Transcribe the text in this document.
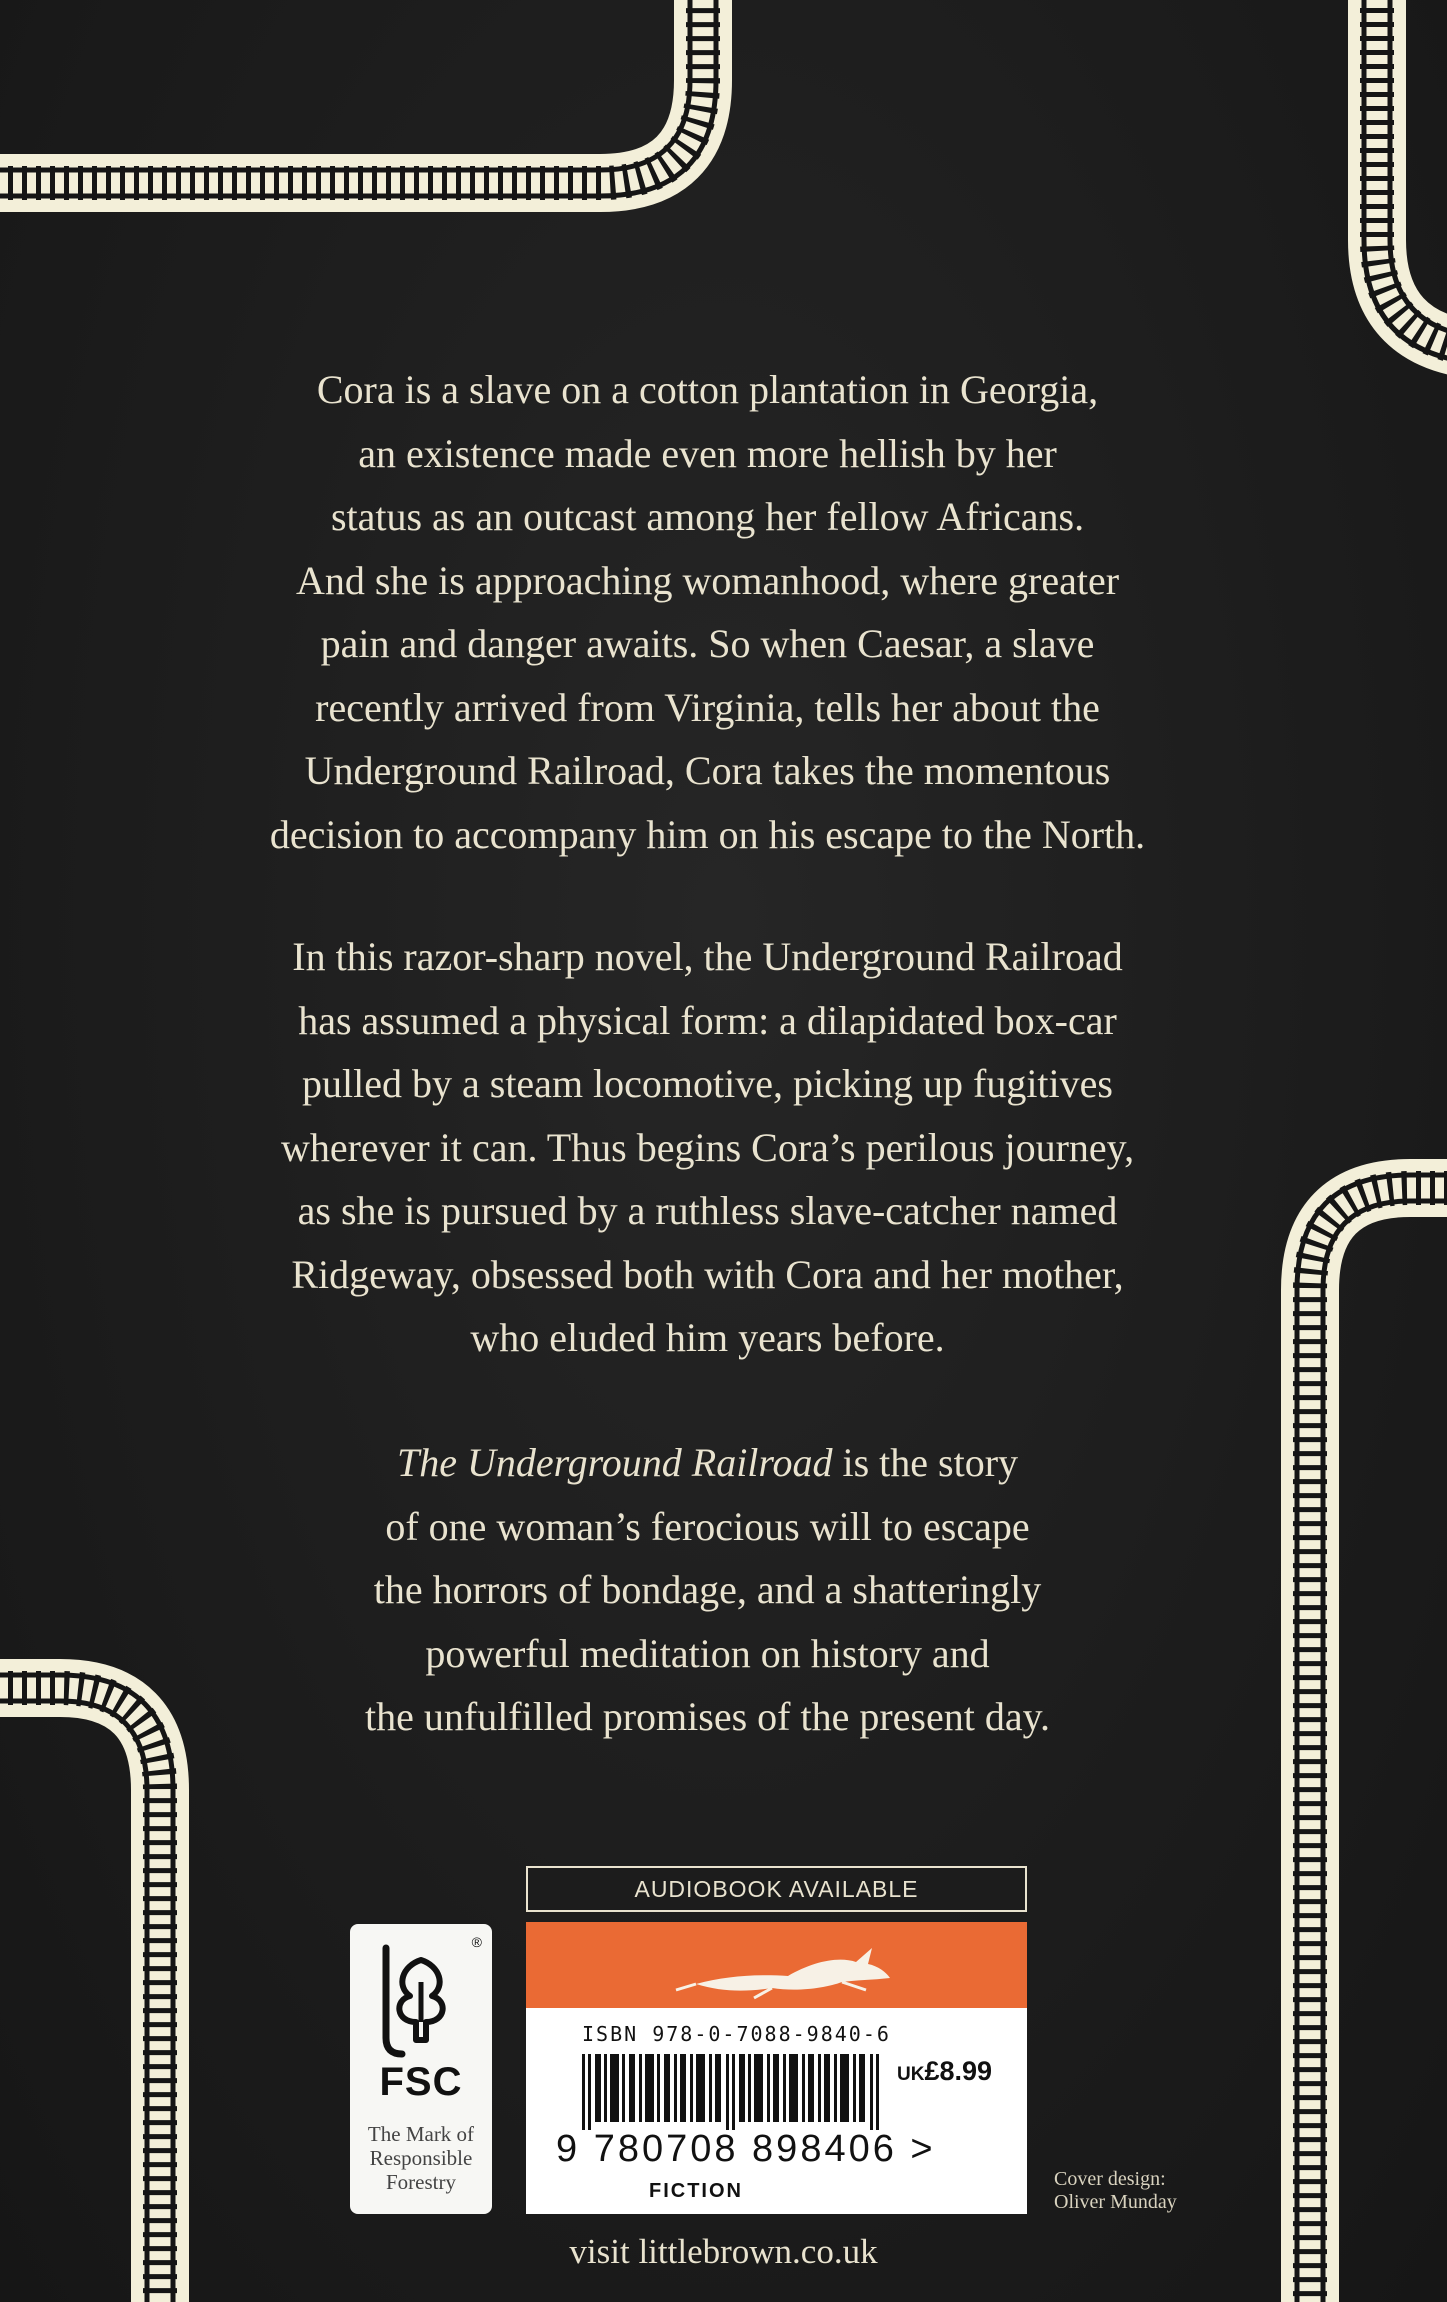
Cora is a slave on a cotton plantation in Georgia,

an existence made even more hellish by her

status as an outcast among her fellow Africans.

And she is approaching womanhood, where greater

pain and danger awaits. So when Caesar, a slave

recently arrived from Virginia, tells her about the

Underground Railroad, Cora takes the momentous

decision to accompany him on his escape to the North.

In this razor-sharp novel, the Underground Railroad

has assumed a physical form: a dilapidated box-car

pulled by a steam locomotive, picking up fugitives

wherever it can. Thus begins Cora’s perilous journey,

as she is pursued by a ruthless slave-catcher named

Ridgeway, obsessed both with Cora and her mother,

who eluded him years before.

The Underground Railroad is the story

of one woman’s ferocious will to escape

the horrors of bondage, and a shatteringly

powerful meditation on history and

the unfulfilled promises of the present day.

®
FSC
The Mark of
Responsible
Forestry
AUDIOBOOK AVAILABLE
ISBN 978-0-7088-9840-6
UK£8.99
9 780708 898406 >
FICTION
Cover design:
Oliver Munday
visit littlebrown.co.uk
